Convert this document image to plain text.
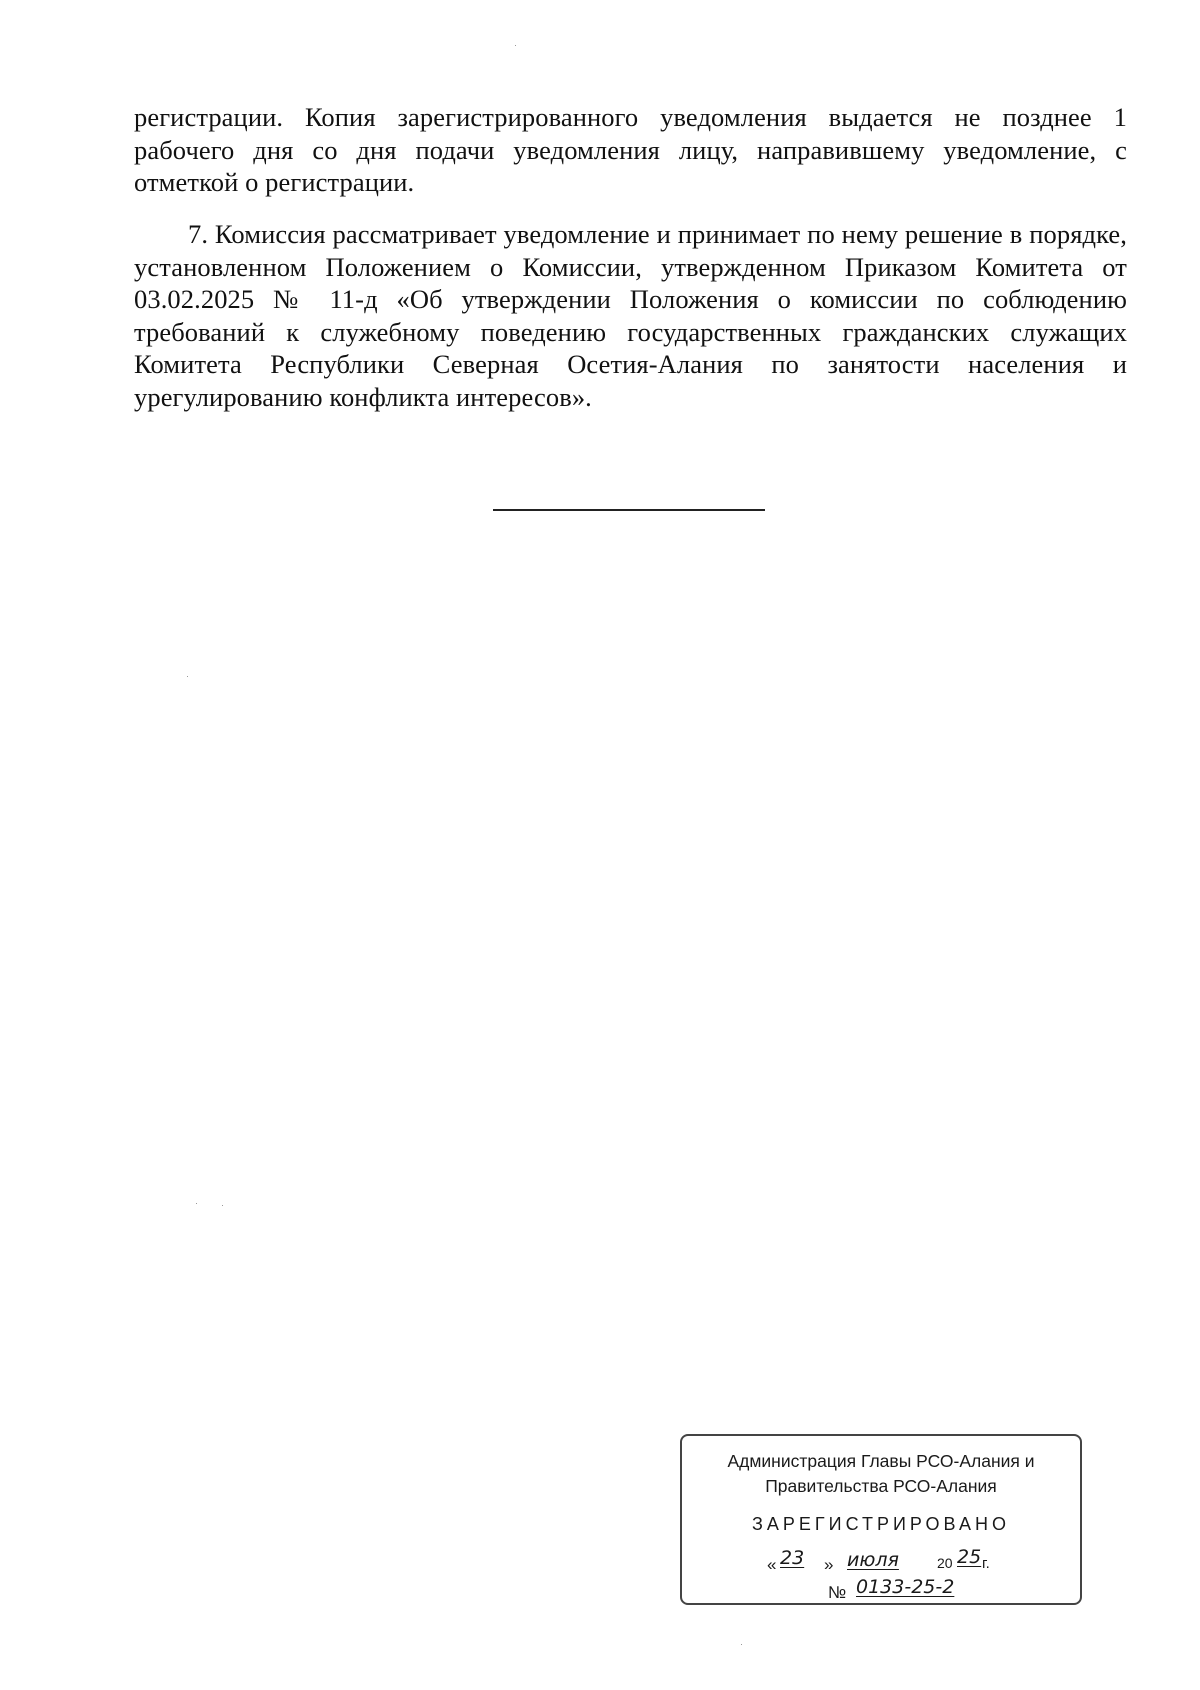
регистрации. Копия зарегистрированного уведомления выдается не позднее 1 рабочего дня со дня подачи уведомления лицу, направившему уведомление, с отметкой о регистрации.

7. Комиссия рассматривает уведомление и принимает по нему решение в порядке, установленном Положением о Комиссии, утвержденном Приказом Комитета от 03.02.2025 № 11-д «Об утверждении Положения о комиссии по соблюдению требований к служебному поведению государственных гражданских служащих Комитета Республики Северная Осетия-Алания по занятости населения и урегулированию конфликта интересов».

Администрация Главы РСО-Алания и
Правительства РСО-Алания
ЗАРЕГИСТРИРОВАНО
« 23 » июля	20 25 г.
№ 0133-25-2
